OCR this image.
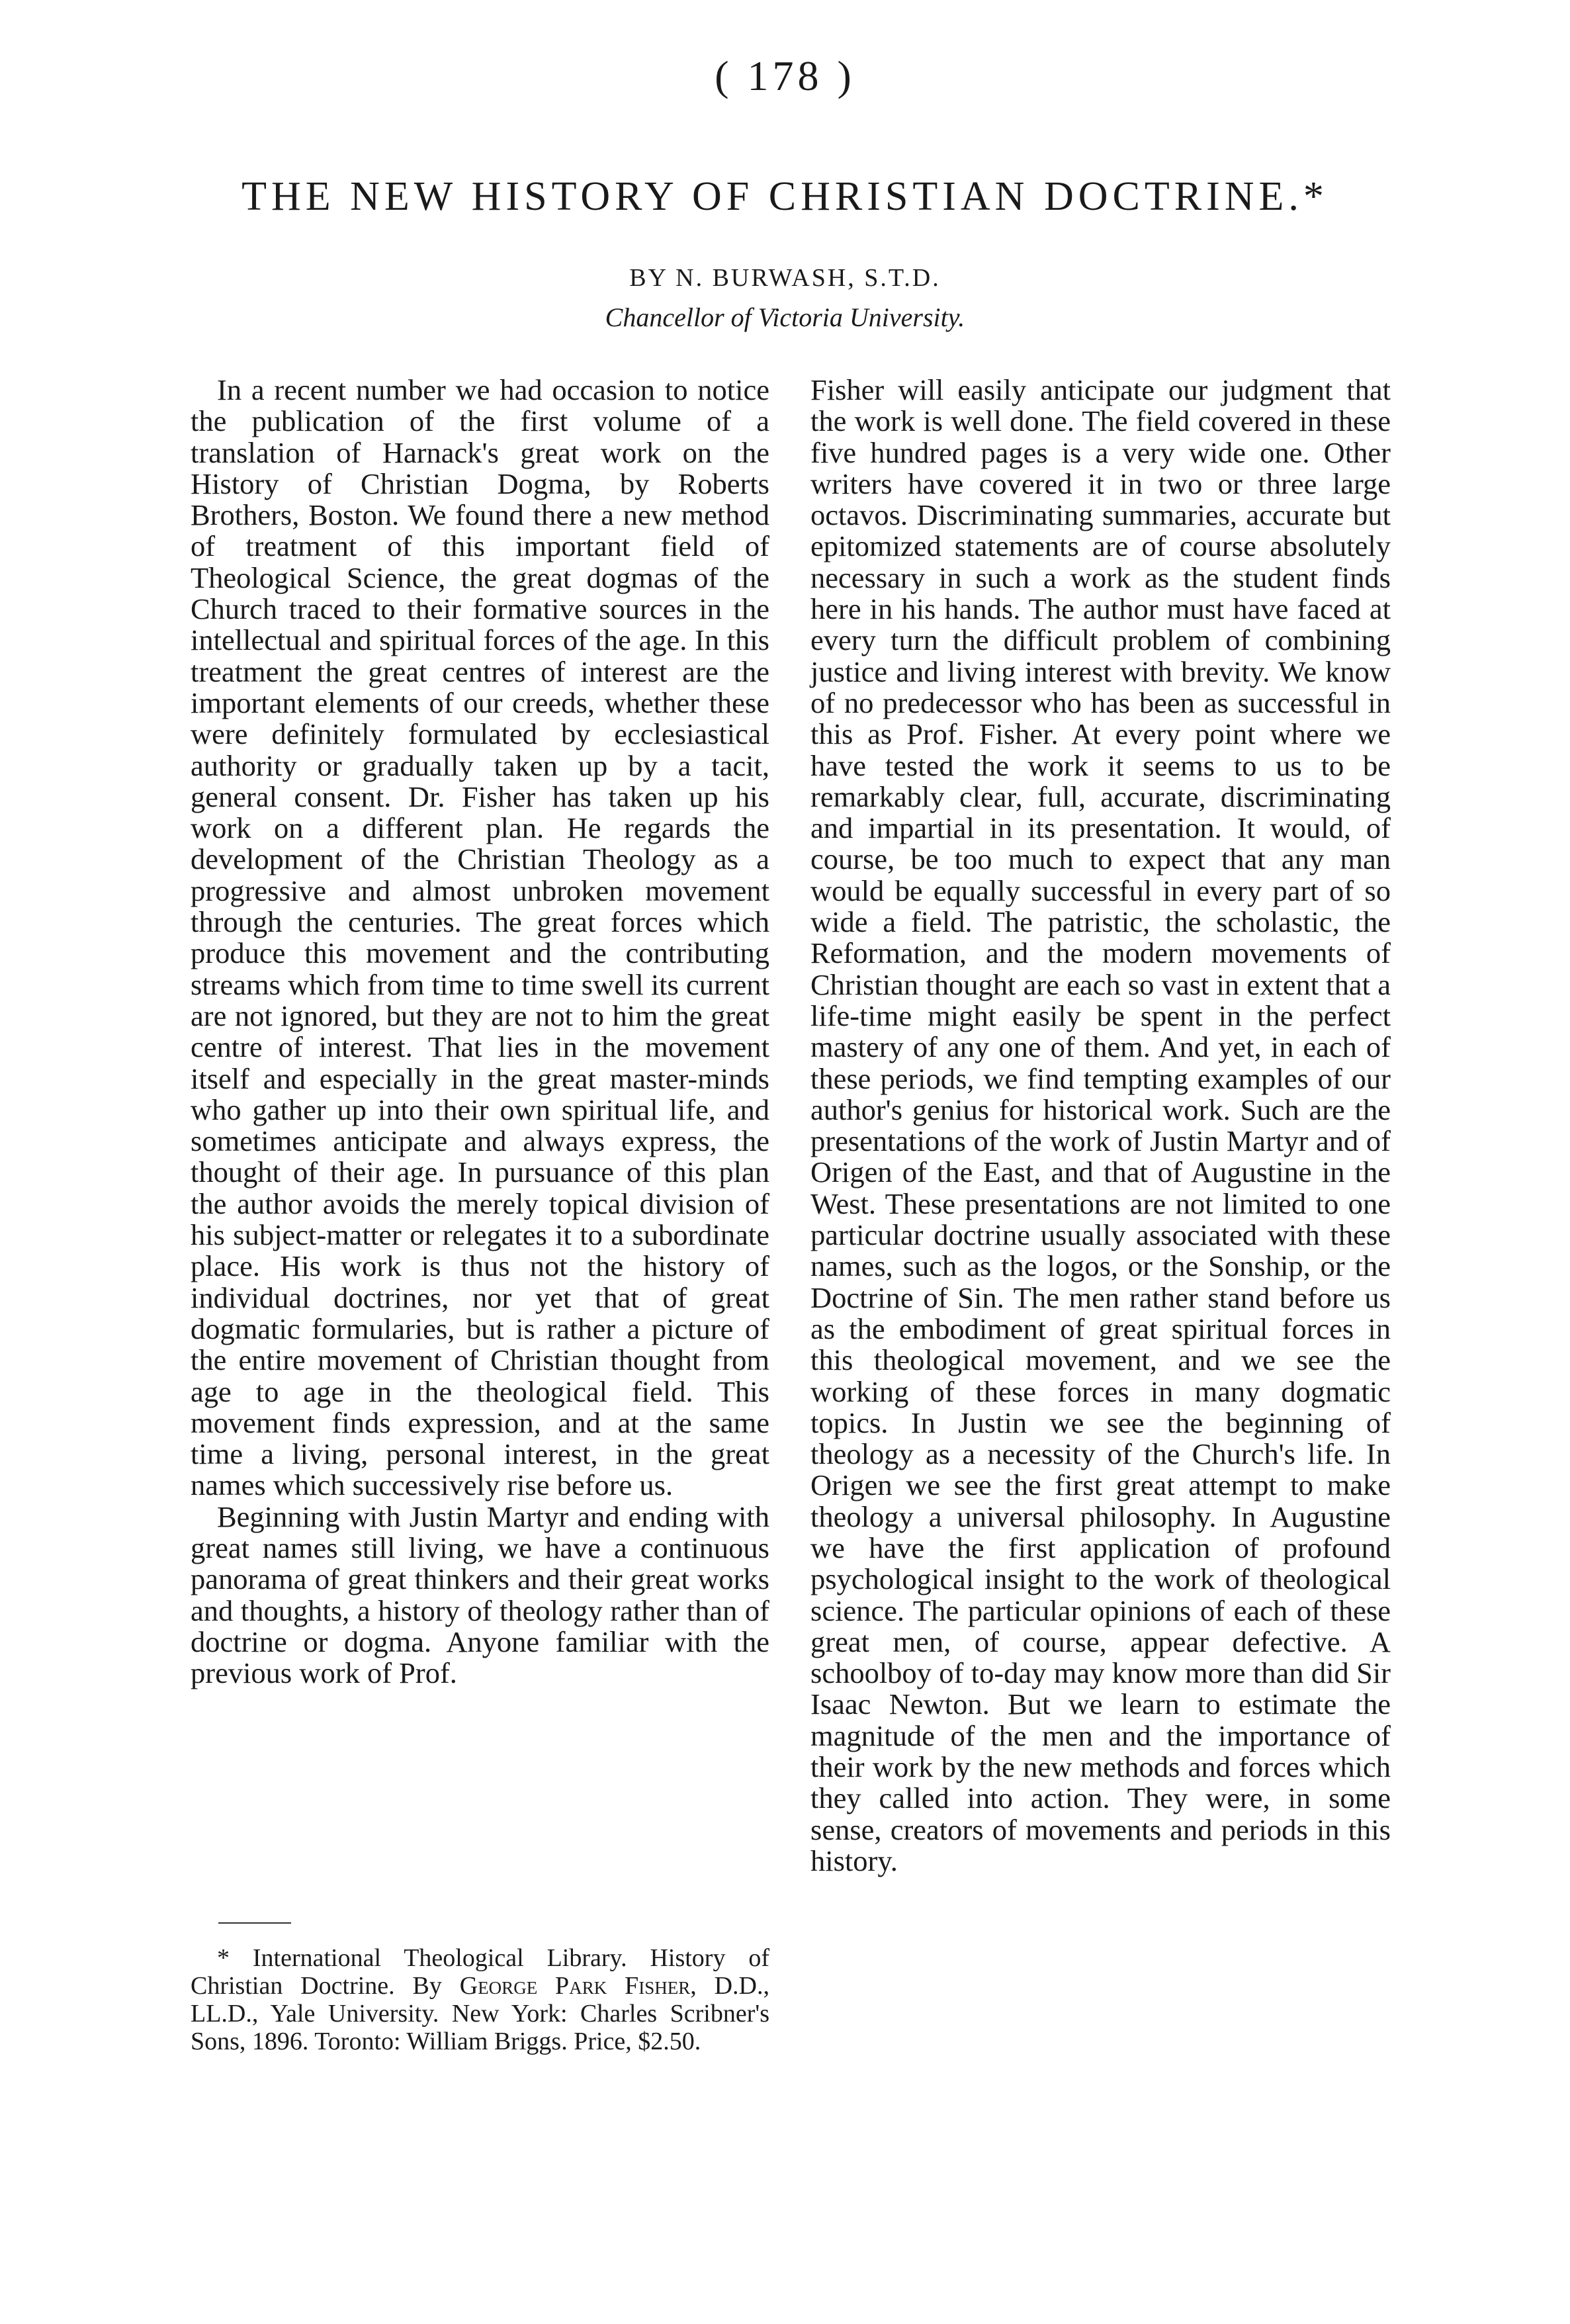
( 178 )
THE NEW HISTORY OF CHRISTIAN DOCTRINE.*
BY N. BURWASH, S.T.D.
Chancellor of Victoria University.

In a recent number we had occasion to notice the publication of the first volume of a translation of Harnack's great work on the History of Christian Dogma, by Roberts Brothers, Boston. We found there a new method of treatment of this important field of Theological Science, the great dogmas of the Church traced to their formative sources in the intellectual and spiritual forces of the age. In this treatment the great centres of interest are the important elements of our creeds, whether these were definitely formulated by ecclesiastical authority or gradually taken up by a tacit, general consent. Dr. Fisher has taken up his work on a different plan. He regards the development of the Christian Theology as a progressive and almost unbroken movement through the centuries. The great forces which produce this movement and the contributing streams which from time to time swell its current are not ignored, but they are not to him the great centre of interest. That lies in the movement itself and especially in the great master-minds who gather up into their own spiritual life, and sometimes anticipate and always express, the thought of their age. In pursuance of this plan the author avoids the merely topical division of his subject-matter or relegates it to a subordinate place. His work is thus not the history of individual doctrines, nor yet that of great dogmatic formularies, but is rather a picture of the entire movement of Christian thought from age to age in the theological field. This movement finds expression, and at the same time a living, personal interest, in the great names which successively rise before us.

Beginning with Justin Martyr and ending with great names still living, we have a continuous panorama of great thinkers and their great works and thoughts, a history of theology rather than of doctrine or dogma. Anyone familiar with the previous work of Prof.

Fisher will easily anticipate our judgment that the work is well done. The field covered in these five hundred pages is a very wide one. Other writers have covered it in two or three large octavos. Discriminating summaries, accurate but epitomized statements are of course absolutely necessary in such a work as the student finds here in his hands. The author must have faced at every turn the difficult problem of combining justice and living interest with brevity. We know of no predecessor who has been as successful in this as Prof. Fisher. At every point where we have tested the work it seems to us to be remarkably clear, full, accurate, discriminating and impartial in its presentation. It would, of course, be too much to expect that any man would be equally successful in every part of so wide a field. The patristic, the scholastic, the Reformation, and the modern movements of Christian thought are each so vast in extent that a life-time might easily be spent in the perfect mastery of any one of them. And yet, in each of these periods, we find tempting examples of our author's genius for historical work. Such are the presentations of the work of Justin Martyr and of Origen of the East, and that of Augustine in the West. These presentations are not limited to one particular doctrine usually associated with these names, such as the logos, or the Sonship, or the Doctrine of Sin. The men rather stand before us as the embodiment of great spiritual forces in this theological movement, and we see the working of these forces in many dogmatic topics. In Justin we see the beginning of theology as a necessity of the Church's life. In Origen we see the first great attempt to make theology a universal philosophy. In Augustine we have the first application of profound psychological insight to the work of theological science. The particular opinions of each of these great men, of course, appear defective. A schoolboy of to-day may know more than did Sir Isaac Newton. But we learn to estimate the magnitude of the men and the importance of their work by the new methods and forces which they called into action. They were, in some sense, creators of movements and periods in this history.

* International Theological Library. History of Christian Doctrine. By George Park Fisher, D.D., LL.D., Yale University. New York: Charles Scribner's Sons, 1896. Toronto: William Briggs. Price, $2.50.
